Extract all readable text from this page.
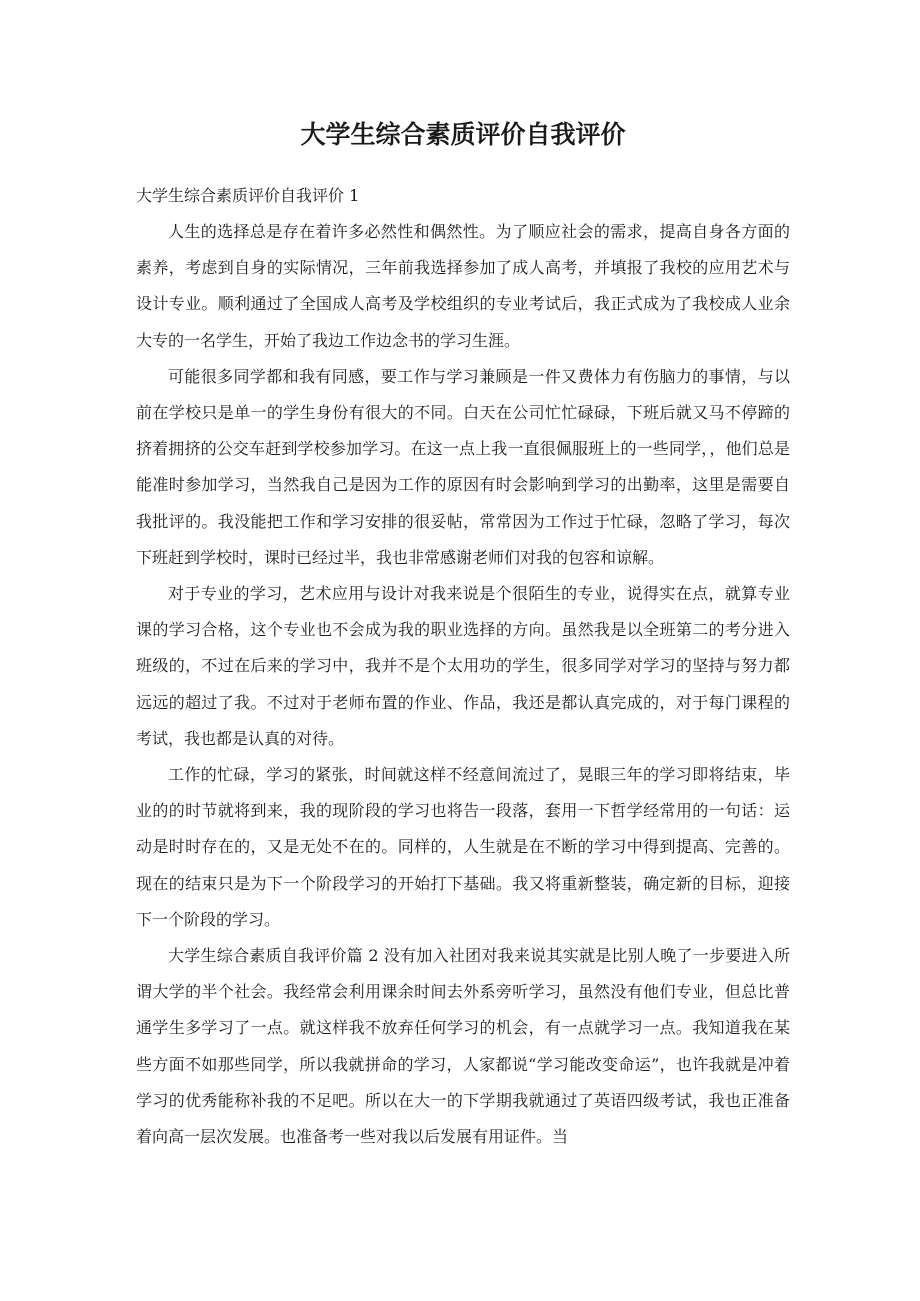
大学生综合素质评价自我评价

大学生综合素质评价自我评价 1

人生的选择总是存在着许多必然性和偶然性。为了顺应社会的需求，提高自身各方面的素养，考虑到自身的实际情况，三年前我选择参加了成人高考，并填报了我校的应用艺术与设计专业。顺利通过了全国成人高考及学校组织的专业考试后，我正式成为了我校成人业余大专的一名学生，开始了我边工作边念书的学习生涯。

可能很多同学都和我有同感，要工作与学习兼顾是一件又费体力有伤脑力的事情，与以前在学校只是单一的学生身份有很大的不同。白天在公司忙忙碌碌，下班后就又马不停蹄的挤着拥挤的公交车赶到学校参加学习。在这一点上我一直很佩服班上的一些同学，，他们总是能准时参加学习，当然我自己是因为工作的原因有时会影响到学习的出勤率，这里是需要自我批评的。我没能把工作和学习安排的很妥帖，常常因为工作过于忙碌，忽略了学习，每次下班赶到学校时，课时已经过半，我也非常感谢老师们对我的包容和谅解。

对于专业的学习，艺术应用与设计对我来说是个很陌生的专业，说得实在点，就算专业课的学习合格，这个专业也不会成为我的职业选择的方向。虽然我是以全班第二的考分进入班级的，不过在后来的学习中，我并不是个太用功的学生，很多同学对学习的坚持与努力都远远的超过了我。不过对于老师布置的作业、作品，我还是都认真完成的，对于每门课程的考试，我也都是认真的对待。

工作的忙碌，学习的紧张，时间就这样不经意间流过了，晃眼三年的学习即将结束，毕业的的时节就将到来，我的现阶段的学习也将告一段落，套用一下哲学经常用的一句话：运动是时时存在的，又是无处不在的。同样的，人生就是在不断的学习中得到提高、完善的。现在的结束只是为下一个阶段学习的开始打下基础。我又将重新整装，确定新的目标，迎接下一个阶段的学习。

大学生综合素质自我评价篇 2 没有加入社团对我来说其实就是比别人晚了一步要进入所谓大学的半个社会。我经常会利用课余时间去外系旁听学习，虽然没有他们专业，但总比普通学生多学习了一点。就这样我不放弃任何学习的机会，有一点就学习一点。我知道我在某些方面不如那些同学，所以我就拼命的学习，人家都说“学习能改变命运”，也许我就是冲着学习的优秀能称补我的不足吧。所以在大一的下学期我就通过了英语四级考试，我也正准备着向高一层次发展。也准备考一些对我以后发展有用证件。当
